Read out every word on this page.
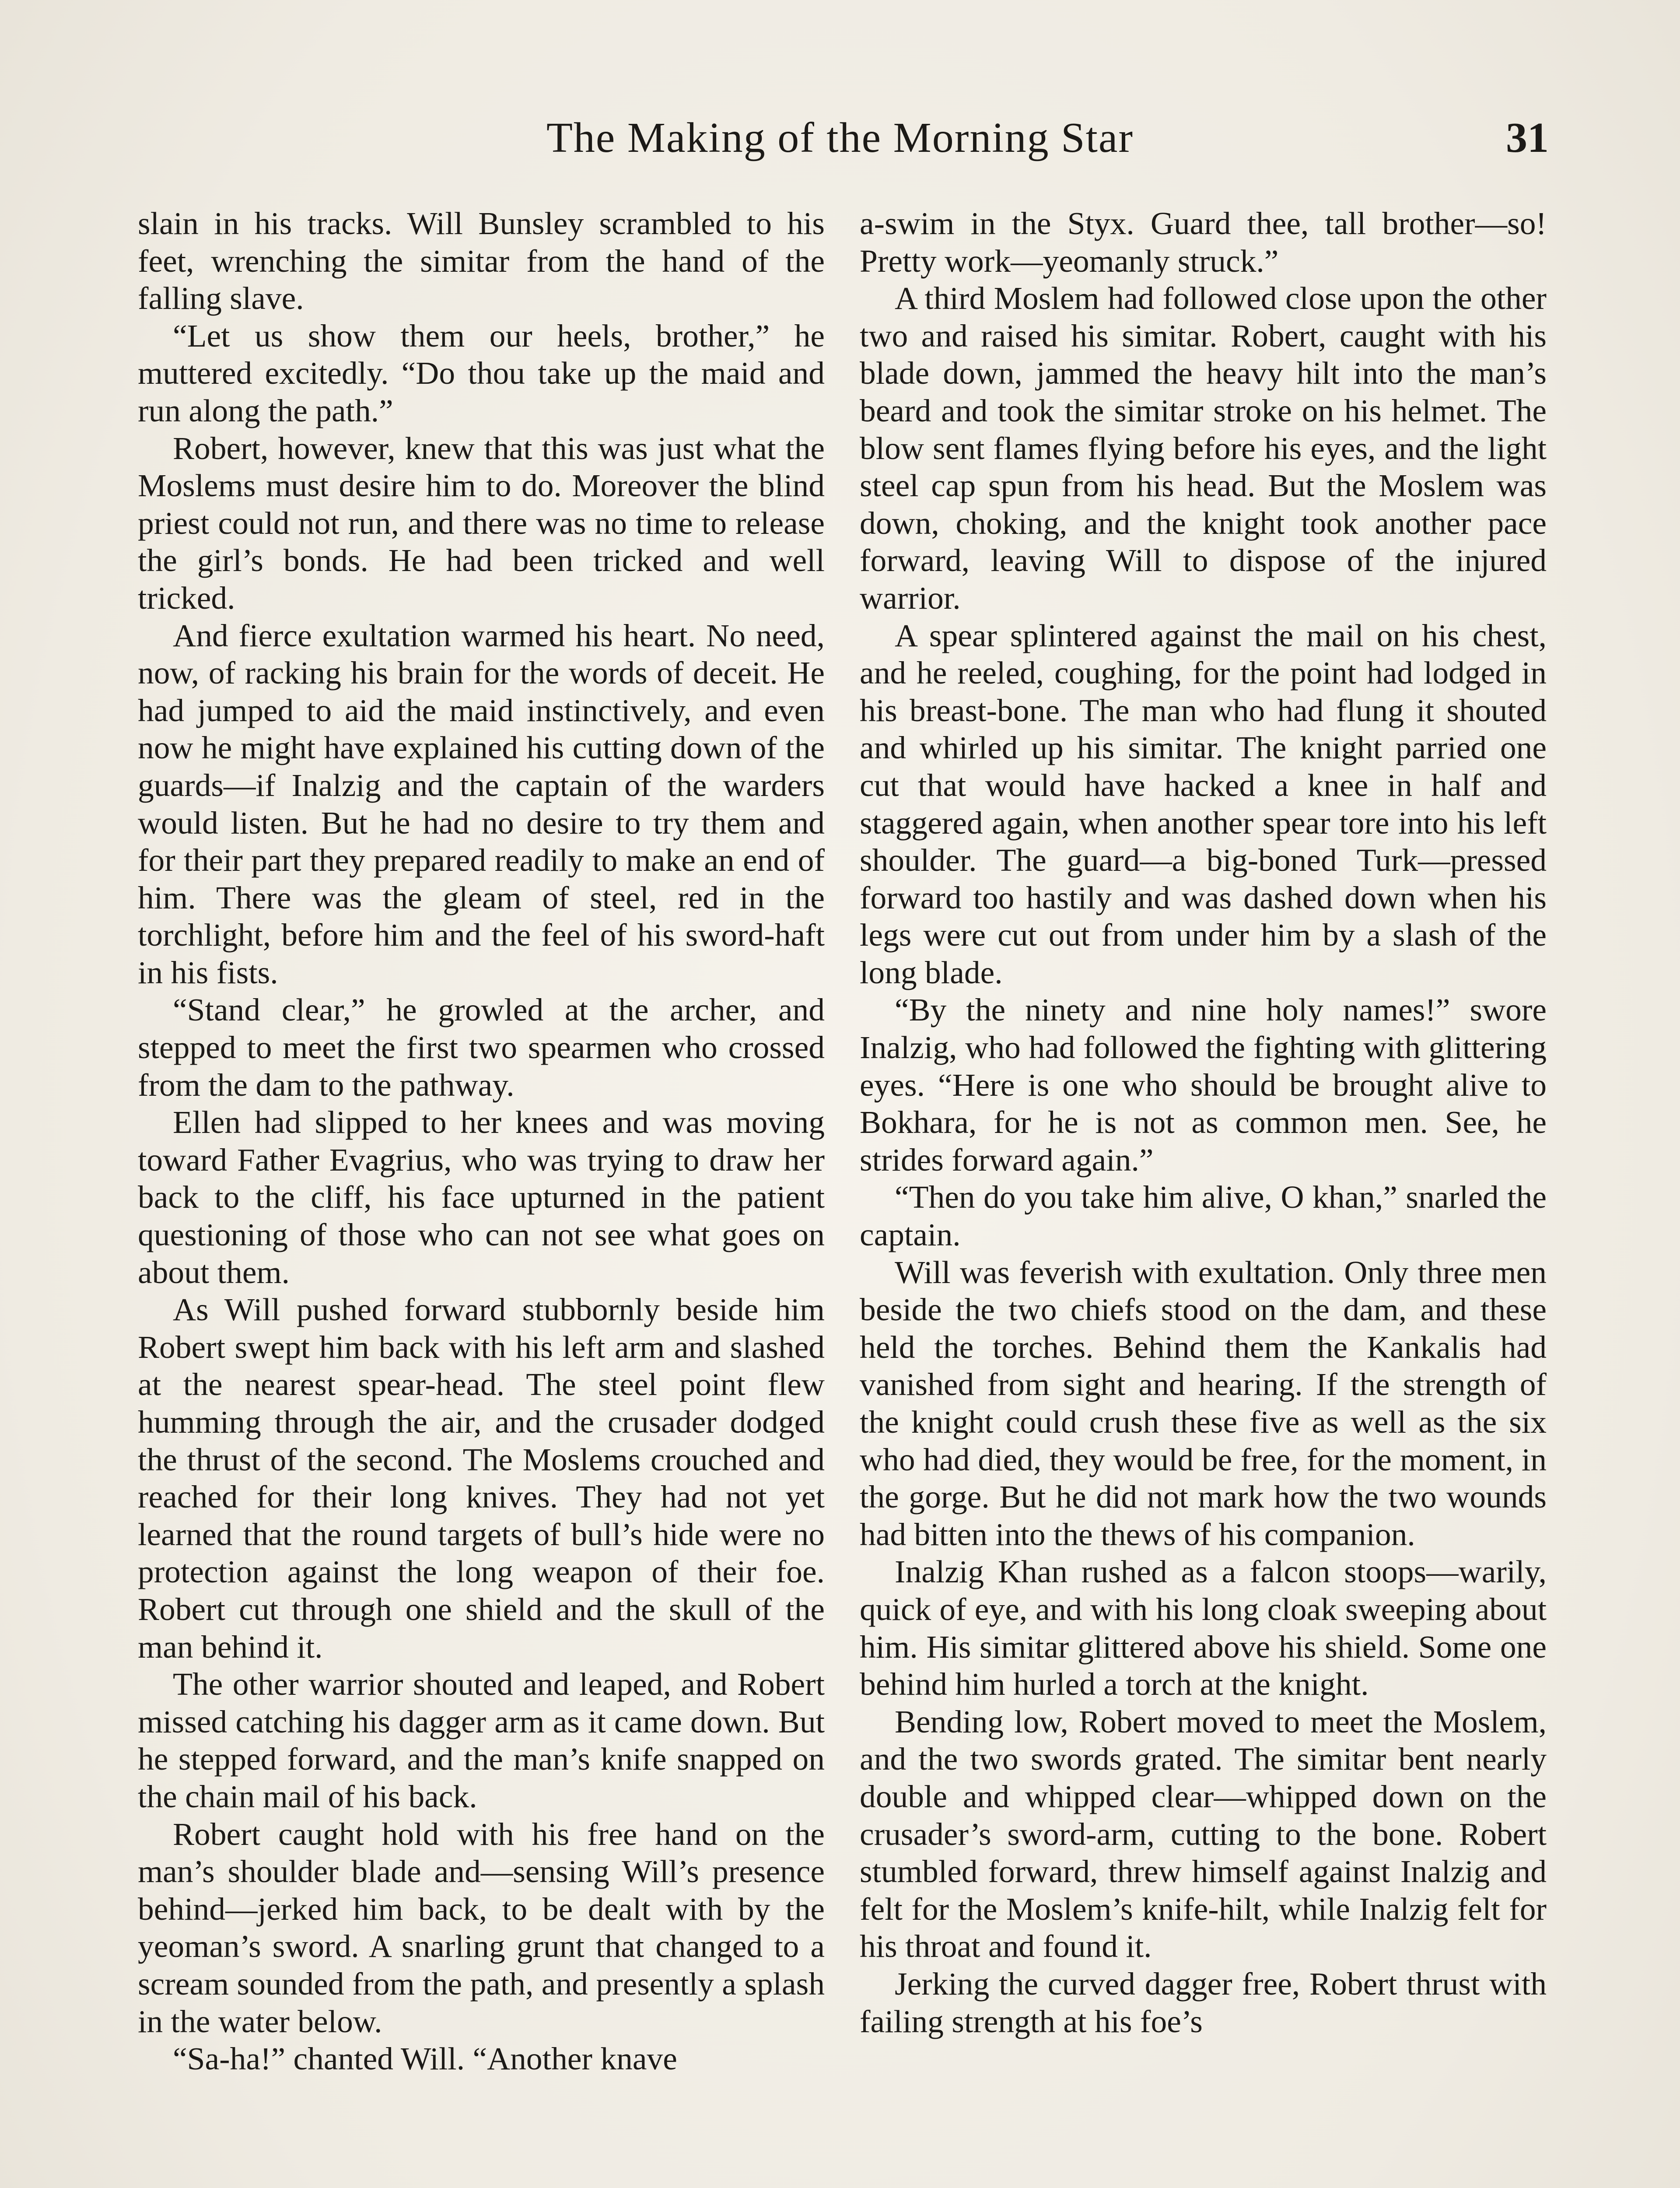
The Making of the Morning Star	31

slain in his tracks. Will Bunsley scrambled to his feet, wrenching the simitar from the hand of the falling slave.

“Let us show them our heels, brother,” he muttered excitedly. “Do thou take up the maid and run along the path.”

Robert, however, knew that this was just what the Moslems must desire him to do. Moreover the blind priest could not run, and there was no time to release the girl’s bonds. He had been tricked and well tricked.

And fierce exultation warmed his heart. No need, now, of racking his brain for the words of deceit. He had jumped to aid the maid instinctively, and even now he might have explained his cutting down of the guards—if Inalzig and the captain of the warders would listen. But he had no desire to try them and for their part they prepared readily to make an end of him. There was the gleam of steel, red in the torchlight, before him and the feel of his sword-haft in his fists.

“Stand clear,” he growled at the archer, and stepped to meet the first two spearmen who crossed from the dam to the pathway.

Ellen had slipped to her knees and was moving toward Father Evagrius, who was trying to draw her back to the cliff, his face upturned in the patient questioning of those who can not see what goes on about them.

As Will pushed forward stubbornly beside him Robert swept him back with his left arm and slashed at the nearest spear-head. The steel point flew humming through the air, and the crusader dodged the thrust of the second. The Moslems crouched and reached for their long knives. They had not yet learned that the round targets of bull’s hide were no protection against the long weapon of their foe. Robert cut through one shield and the skull of the man behind it.

The other warrior shouted and leaped, and Robert missed catching his dagger arm as it came down. But he stepped forward, and the man’s knife snapped on the chain mail of his back.

Robert caught hold with his free hand on the man’s shoulder blade and—sensing Will’s presence behind—jerked him back, to be dealt with by the yeoman’s sword. A snarling grunt that changed to a scream sounded from the path, and presently a splash in the water below.

“Sa-ha!” chanted Will. “Another knave

a-swim in the Styx. Guard thee, tall brother—so! Pretty work—yeomanly struck.”

A third Moslem had followed close upon the other two and raised his simitar. Robert, caught with his blade down, jammed the heavy hilt into the man’s beard and took the simitar stroke on his helmet. The blow sent flames flying before his eyes, and the light steel cap spun from his head. But the Moslem was down, choking, and the knight took another pace forward, leaving Will to dispose of the injured warrior.

A spear splintered against the mail on his chest, and he reeled, coughing, for the point had lodged in his breast-bone. The man who had flung it shouted and whirled up his simitar. The knight parried one cut that would have hacked a knee in half and staggered again, when another spear tore into his left shoulder. The guard—a big-boned Turk—pressed forward too hastily and was dashed down when his legs were cut out from under him by a slash of the long blade.

“By the ninety and nine holy names!” swore Inalzig, who had followed the fighting with glittering eyes. “Here is one who should be brought alive to Bokhara, for he is not as common men. See, he strides forward again.”

“Then do you take him alive, O khan,” snarled the captain.

Will was feverish with exultation. Only three men beside the two chiefs stood on the dam, and these held the torches. Behind them the Kankalis had vanished from sight and hearing. If the strength of the knight could crush these five as well as the six who had died, they would be free, for the moment, in the gorge. But he did not mark how the two wounds had bitten into the thews of his companion.

Inalzig Khan rushed as a falcon stoops—warily, quick of eye, and with his long cloak sweeping about him. His simitar glittered above his shield. Some one behind him hurled a torch at the knight.

Bending low, Robert moved to meet the Moslem, and the two swords grated. The simitar bent nearly double and whipped clear—whipped down on the crusader’s sword-arm, cutting to the bone. Robert stumbled forward, threw himself against Inalzig and felt for the Moslem’s knife-hilt, while Inalzig felt for his throat and found it.

Jerking the curved dagger free, Robert thrust with failing strength at his foe’s
